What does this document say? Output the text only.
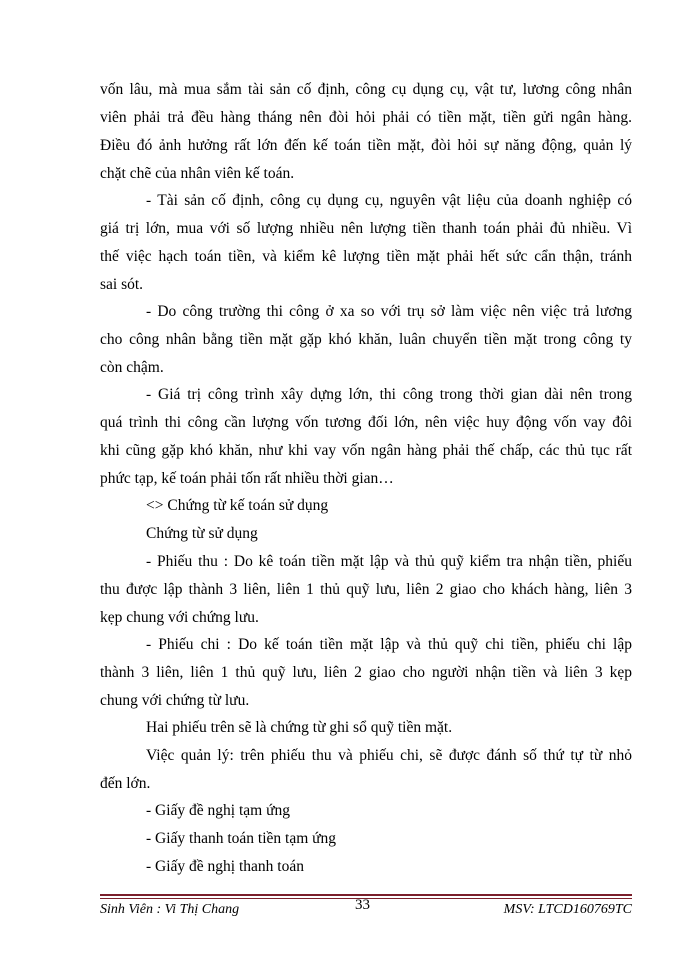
vốn lâu, mà mua sắm tài sản cố định, công cụ dụng cụ, vật tư, lương công nhân
viên phải trả đều hàng tháng nên đòi hỏi phải có tiền mặt, tiền gửi ngân hàng.
Điều đó ảnh hưởng rất lớn đến kế toán tiền mặt, đòi hỏi sự năng động, quản lý
chặt chẽ của nhân viên kế toán.
- Tài sản cố định, công cụ dụng cụ, nguyên vật liệu của doanh nghiệp có
giá trị lớn, mua với số lượng nhiều nên lượng tiền thanh toán phải đủ nhiều. Vì
thế việc hạch toán tiền, và kiểm kê lượng tiền mặt phải hết sức cẩn thận, tránh
sai sót.
- Do công trường thi công ở xa so với trụ sở làm việc nên việc trả lương
cho công nhân bằng tiền mặt gặp khó khăn, luân chuyển tiền mặt trong công ty
còn chậm.
- Giá trị công trình xây dựng lớn, thi công trong thời gian dài nên trong
quá trình thi công cần lượng vốn tương đối lớn, nên việc huy động vốn vay đôi
khi cũng gặp khó khăn, như khi vay vốn ngân hàng phải thế chấp, các thủ tục rất
phức tạp, kế toán phải tốn rất nhiều thời gian…
<> Chứng từ kế toán sử dụng
Chứng từ sử dụng
- Phiếu thu : Do kê toán tiền mặt lập và thủ quỹ kiểm tra nhận tiền, phiếu
thu được lập thành 3 liên, liên 1 thủ quỹ lưu, liên 2 giao cho khách hàng, liên 3
kẹp chung với chứng lưu.
- Phiếu chi : Do kế toán tiền mặt lập và thủ quỹ chi tiền, phiếu chi lập
thành 3 liên, liên 1 thủ quỹ lưu, liên 2 giao cho người nhận tiền và liên 3 kẹp
chung với chứng từ lưu.
Hai phiếu trên sẽ là chứng từ ghi sổ quỹ tiền mặt.
Việc quản lý: trên phiếu thu và phiếu chi, sẽ được đánh số thứ tự từ nhỏ
đến lớn.
- Giấy đề nghị tạm ứng
- Giấy thanh toán tiền tạm ứng
- Giấy đề nghị thanh toán
Sinh Viên : Vi Thị Chang	33	MSV: LTCD160769TC
